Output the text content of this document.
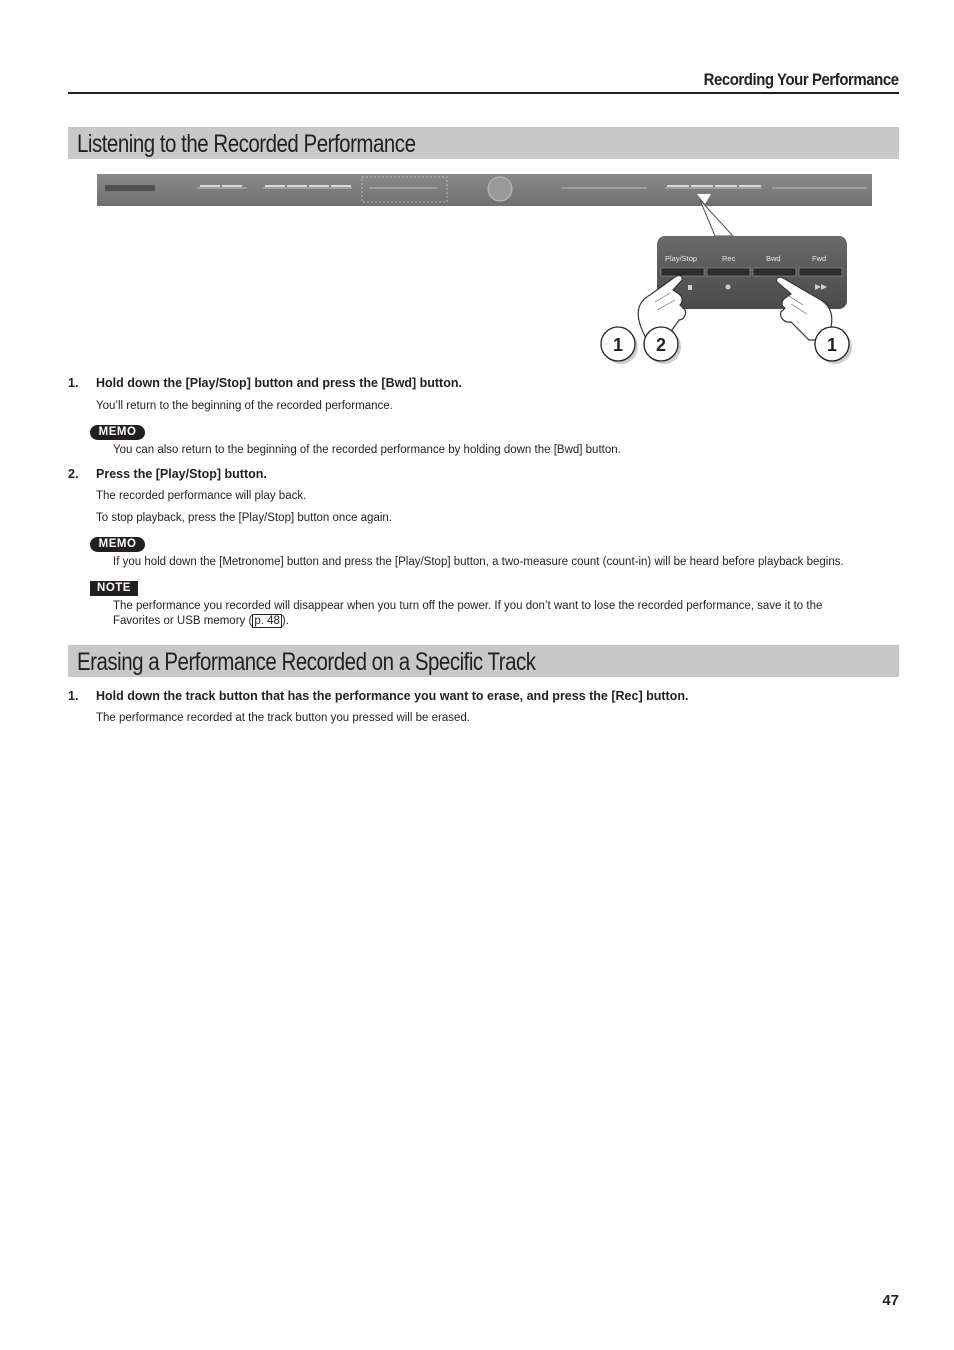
Recording Your Performance
Listening to the Recorded Performance
Play/Stop	Rec	Bwd	Fwd
1 2	1
1. Hold down the [Play/Stop] button and press the [Bwd] button.
You’ll return to the beginning of the recorded performance.
MEMO
You can also return to the beginning of the recorded performance by holding down the [Bwd] button.
2. Press the [Play/Stop] button.
The recorded performance will play back.
To stop playback, press the [Play/Stop] button once again.
MEMO
If you hold down the [Metronome] button and press the [Play/Stop] button, a two-measure count (count-in) will be heard before playback begins.
NOTE
The performance you recorded will disappear when you turn off the power. If you don’t want to lose the recorded performance, save it to the
Favorites or USB memory ( p. 48 ).
Erasing a Performance Recorded on a Specific Track
1. Hold down the track button that has the performance you want to erase, and press the [Rec] button.
The performance recorded at the track button you pressed will be erased.
47
